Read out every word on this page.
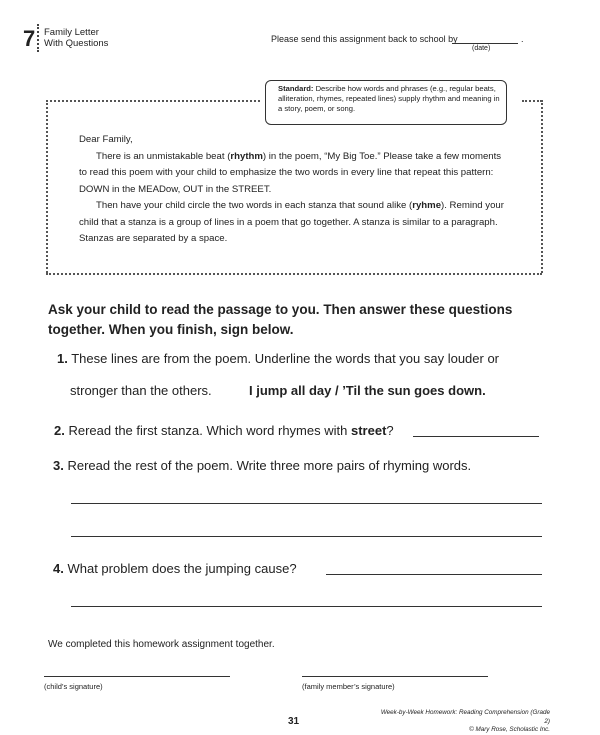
7 Family Letter
With Questions	Please send this assignment back to school by	.
(date)
Standard: Describe how words and phrases (e.g., regular beats, alliteration, rhymes, repeated lines) supply rhythm and meaning in a story, poem, or song.

Dear Family,

There is an unmistakable beat (rhythm) in the poem, “My Big Toe.” Please take a few moments to read this poem with your child to emphasize the two words in every line that repeat this pattern: DOWN in the MEADow, OUT in the STREET.

Then have your child circle the two words in each stanza that sound alike (ryhme). Remind your child that a stanza is a group of lines in a poem that go together. A stanza is similar to a paragraph. Stanzas are separated by a space.

Ask your child to read the passage to you. Then answer these questions together. When you finish, sign below.
1. These lines are from the poem. Underline the words that you say louder or
stronger than the others.	I jump all day / ’Til the sun goes down.
2. Reread the first stanza. Which word rhymes with street?
3. Reread the rest of the poem. Write three more pairs of rhyming words.
4. What problem does the jumping cause?
We completed this homework assignment together.
(child’s signature)	(family member’s signature)
31
Week-by-Week Homework: Reading Comprehension (Grade 2)
© Mary Rose, Scholastic Inc.
